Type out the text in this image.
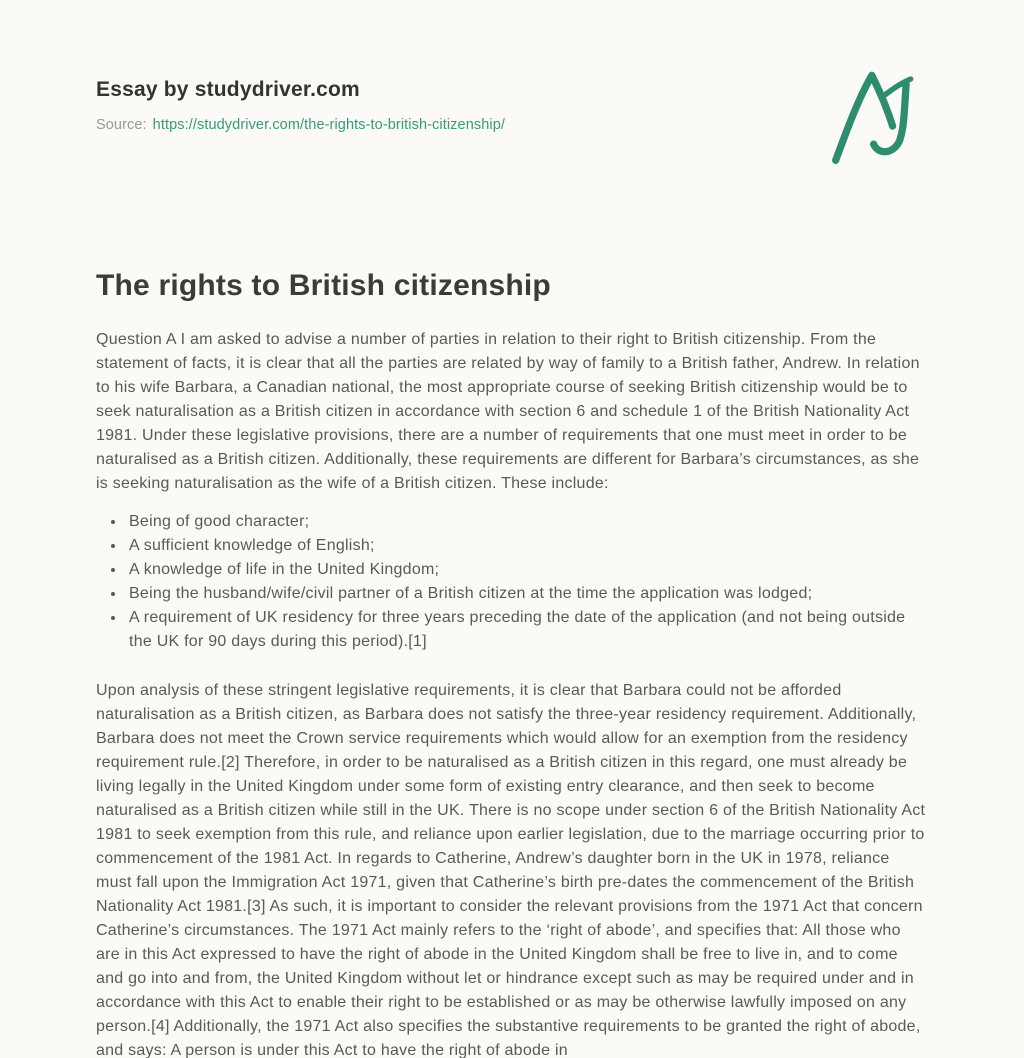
Essay by studydriver.com
Source: https://studydriver.com/the-rights-to-british-citizenship/
The rights to British citizenship

Question A I am asked to advise a number of parties in relation to their right to British citizenship. From the statement of facts, it is clear that all the parties are related by way of family to a British father, Andrew. In relation to his wife Barbara, a Canadian national, the most appropriate course of seeking British citizenship would be to seek naturalisation as a British citizen in accordance with section 6 and schedule 1 of the British Nationality Act 1981. Under these legislative provisions, there are a number of requirements that one must meet in order to be naturalised as a British citizen. Additionally, these requirements are different for Barbara’s circumstances, as she is seeking naturalisation as the wife of a British citizen. These include:

• Being of good character;
• A sufficient knowledge of English;
• A knowledge of life in the United Kingdom;
• Being the husband/wife/civil partner of a British citizen at the time the application was lodged;
• A requirement of UK residency for three years preceding the date of the application (and not being outside the UK for 90 days during this period).[1]

Upon analysis of these stringent legislative requirements, it is clear that Barbara could not be afforded naturalisation as a British citizen, as Barbara does not satisfy the three-year residency requirement. Additionally, Barbara does not meet the Crown service requirements which would allow for an exemption from the residency requirement rule.[2] Therefore, in order to be naturalised as a British citizen in this regard, one must already be living legally in the United Kingdom under some form of existing entry clearance, and then seek to become naturalised as a British citizen while still in the UK. There is no scope under section 6 of the British Nationality Act 1981 to seek exemption from this rule, and reliance upon earlier legislation, due to the marriage occurring prior to commencement of the 1981 Act. In regards to Catherine, Andrew’s daughter born in the UK in 1978, reliance must fall upon the Immigration Act 1971, given that Catherine’s birth pre-dates the commencement of the British Nationality Act 1981.[3] As such, it is important to consider the relevant provisions from the 1971 Act that concern Catherine’s circumstances. The 1971 Act mainly refers to the ‘right of abode’, and specifies that: All those who are in this Act expressed to have the right of abode in the United Kingdom shall be free to live in, and to come and go into and from, the United Kingdom without let or hindrance except such as may be required under and in accordance with this Act to enable their right to be established or as may be otherwise lawfully imposed on any person.[4] Additionally, the 1971 Act also specifies the substantive requirements to be granted the right of abode, and says: A person is under this Act to have the right of abode in
